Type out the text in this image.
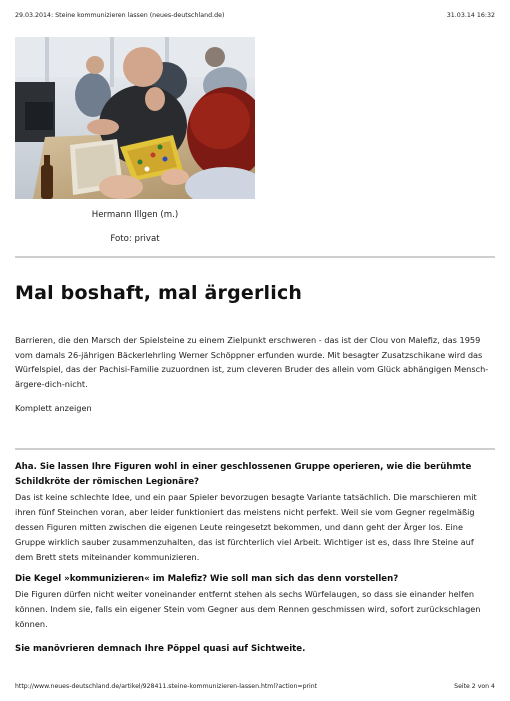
29.03.2014: Steine kommunizieren lassen (neues-deutschland.de)	31.03.14 16:32
Hermann Illgen (m.)
Foto: privat
Mal boshaft, mal ärgerlich

Barrieren, die den Marsch der Spielsteine zu einem Zielpunkt erschweren - das ist der Clou von Malefiz, das 1959 vom damals 26-jährigen Bäckerlehrling Werner Schöppner erfunden wurde. Mit besagter Zusatzschikane wird das Würfelspiel, das der Pachisi-Familie zuzuordnen ist, zum cleveren Bruder des allein vom Glück abhängigen Mensch-ärgere-dich-nicht.

Komplett anzeigen

Aha. Sie lassen Ihre Figuren wohl in einer geschlossenen Gruppe operieren, wie die berühmte Schildkröte der römischen Legionäre?

Das ist keine schlechte Idee, und ein paar Spieler bevorzugen besagte Variante tatsächlich. Die marschieren mit ihren fünf Steinchen voran, aber leider funktioniert das meistens nicht perfekt. Weil sie vom Gegner regelmäßig dessen Figuren mitten zwischen die eigenen Leute reingesetzt bekommen, und dann geht der Ärger los. Eine Gruppe wirklich sauber zusammenzuhalten, das ist fürchterlich viel Arbeit. Wichtiger ist es, dass Ihre Steine auf dem Brett stets miteinander kommunizieren.

Die Kegel »kommunizieren« im Malefiz? Wie soll man sich das denn vorstellen?

Die Figuren dürfen nicht weiter voneinander entfernt stehen als sechs Würfelaugen, so dass sie einander helfen können. Indem sie, falls ein eigener Stein vom Gegner aus dem Rennen geschmissen wird, sofort zurückschlagen können.

Sie manövrieren demnach Ihre Pöppel quasi auf Sichtweite.

http://www.neues-deutschland.de/artikel/928411.steine-kommunizieren-lassen.html?action=print	Seite 2 von 4
